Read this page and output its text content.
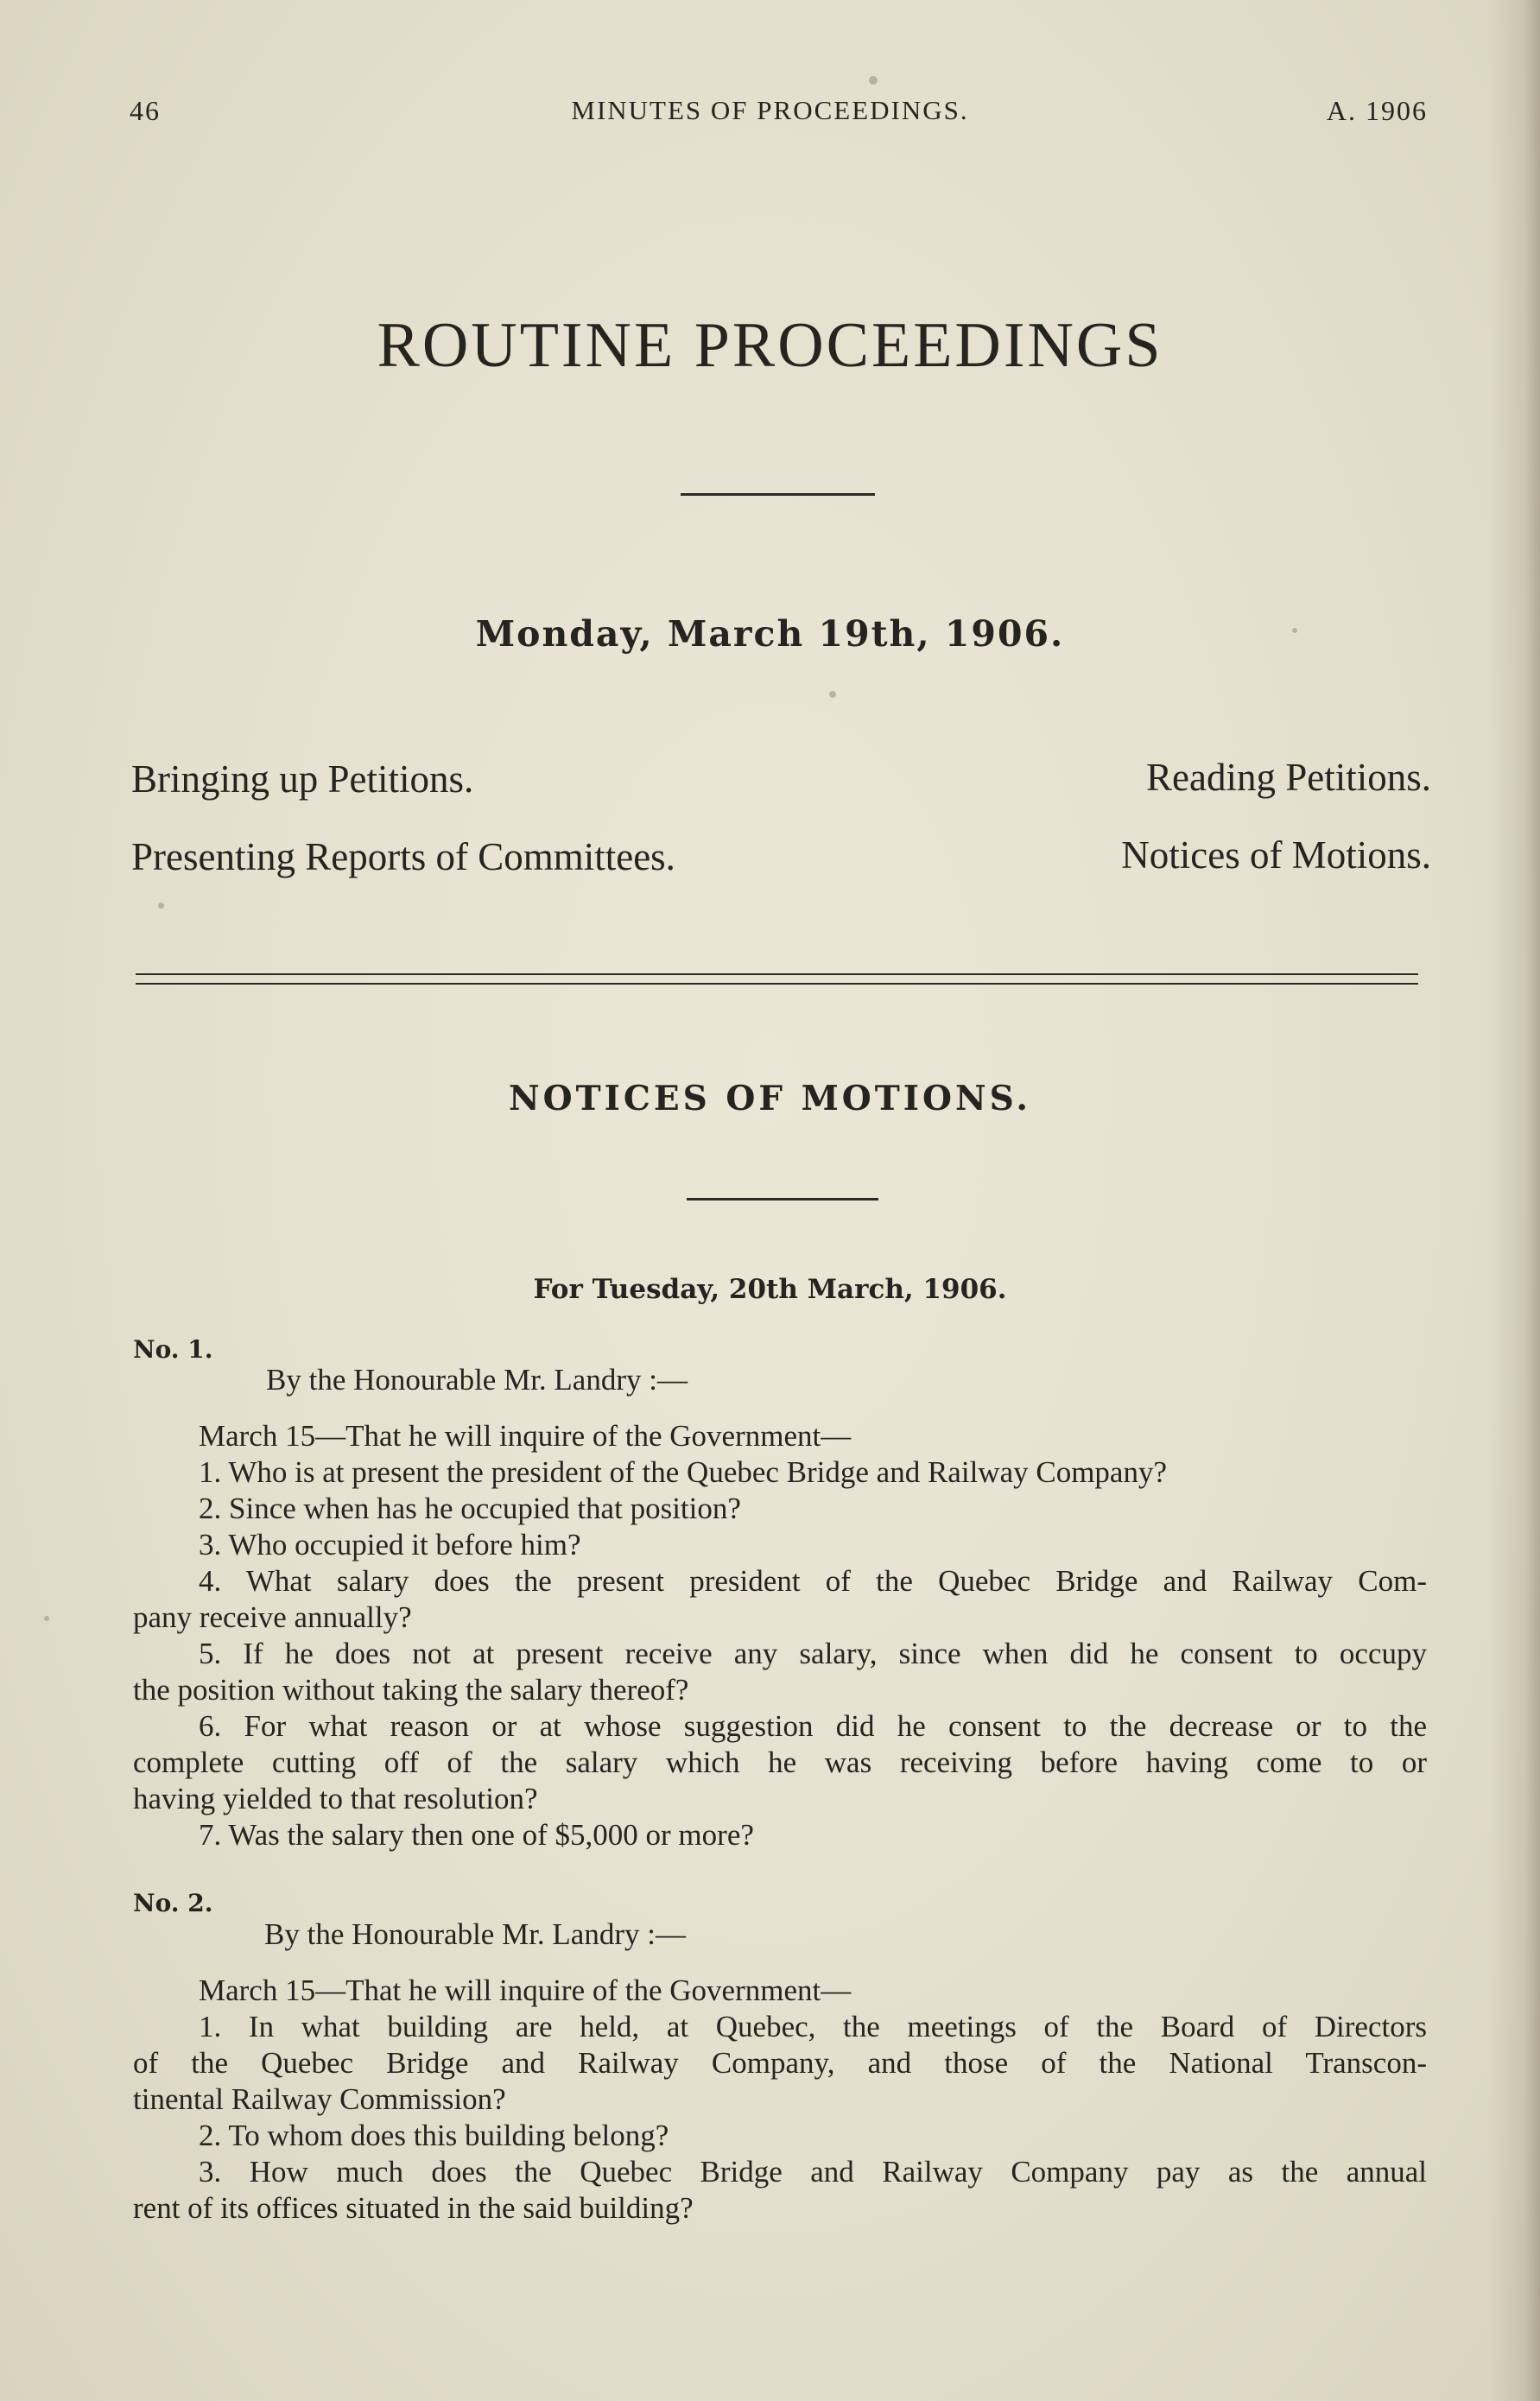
46	MINUTES OF PROCEEDINGS.	A. 1906
ROUTINE PROCEEDINGS
Monday, March 19th, 1906.
Bringing up Petitions.	Reading Petitions.
Presenting Reports of Committees.	Notices of Motions.
NOTICES OF MOTIONS.
For Tuesday, 20th March, 1906.
No. 1.
By the Honourable Mr. Landry :—
March 15—That he will inquire of the Government—
1. Who is at present the president of the Quebec Bridge and Railway Company?
2. Since when has he occupied that position?
3. Who occupied it before him?
4. What salary does the present president of the Quebec Bridge and Railway Com-
pany receive annually?
5. If he does not at present receive any salary, since when did he consent to occupy
the position without taking the salary thereof?
6. For what reason or at whose suggestion did he consent to the decrease or to the
complete cutting off of the salary which he was receiving before having come to or
having yielded to that resolution?
7. Was the salary then one of $5,000 or more?
No. 2.
By the Honourable Mr. Landry :—
March 15—That he will inquire of the Government—
1. In what building are held, at Quebec, the meetings of the Board of Directors
of the Quebec Bridge and Railway Company, and those of the National Transcon-
tinental Railway Commission?
2. To whom does this building belong?
3. How much does the Quebec Bridge and Railway Company pay as the annual
rent of its offices situated in the said building?
